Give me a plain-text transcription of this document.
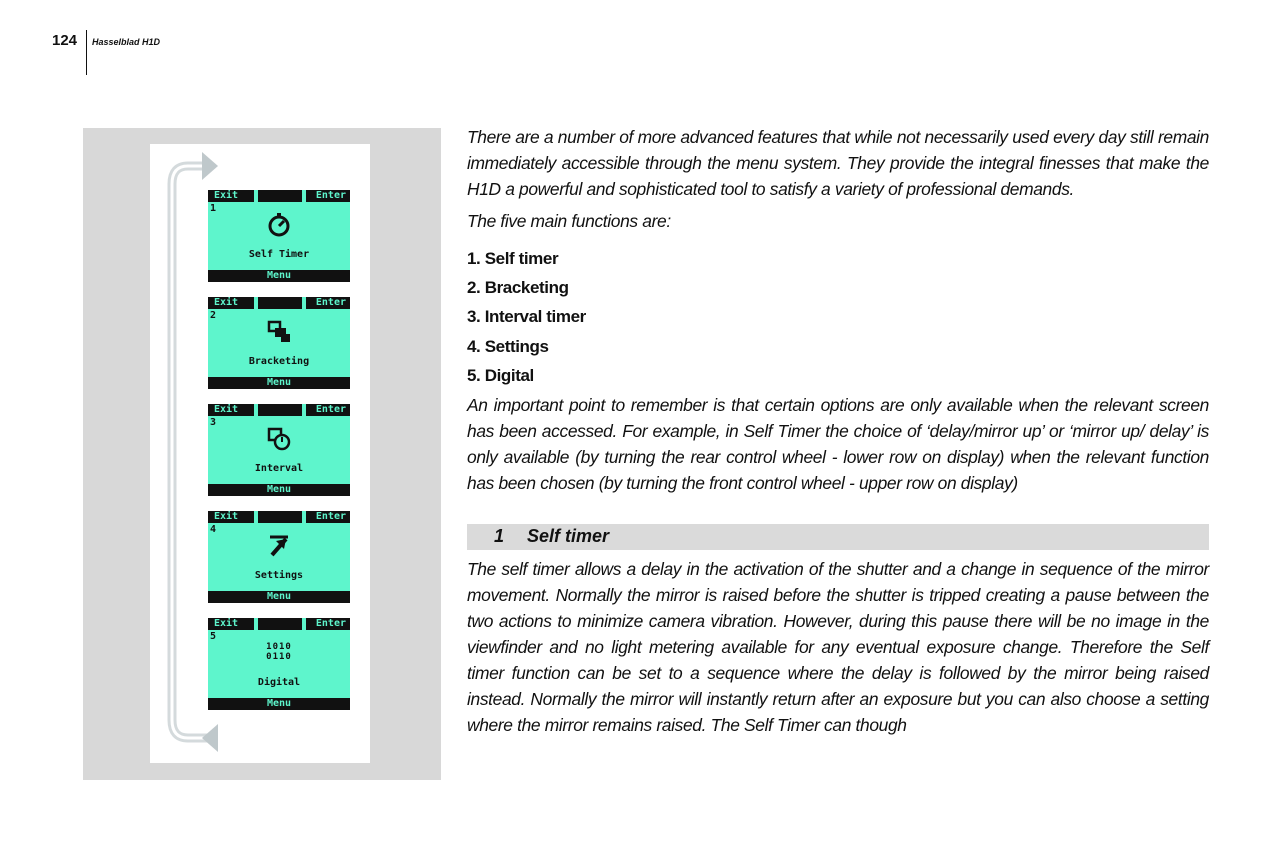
124 Hasselblad H1D
Exit	Enter
1
Self Timer
Menu
Exit	Enter
2
Bracketing
Menu
Exit	Enter
3
Interval
Menu
Exit	Enter
4
Settings
Menu
Exit	Enter
5
1010
0110
Digital
Menu

There are a number of more advanced features that while not necessarily used every day still remain immediately accessible through the menu system. They provide the integral finesses that make the H1D a powerful and sophisticated tool to satisfy a variety of professional demands.

The five main functions are:

1. Self timer
2. Bracketing
3. Interval timer
4. Settings
5. Digital

An important point to remember is that certain options are only available when the relevant screen has been accessed. For example, in Self Timer the choice of ‘delay/mirror up’ or ‘mirror up/ delay’ is only available (by turning the rear control wheel - lower row on display) when the relevant function has been chosen (by turning the front control wheel - upper row on display)

1 Self timer

The self timer allows a delay in the activation of the shutter and a change in sequence of the mirror movement. Normally the mirror is raised before the shutter is tripped creating a pause between the two actions to minimize camera vibration. However, during this pause there will be no image in the viewfinder and no light metering available for any eventual exposure change. Therefore the Self timer function can be set to a sequence where the delay is followed by the mirror being raised instead. Normally the mirror will instantly return after an exposure but you can also choose a setting where the mirror remains raised. The Self Timer can though
